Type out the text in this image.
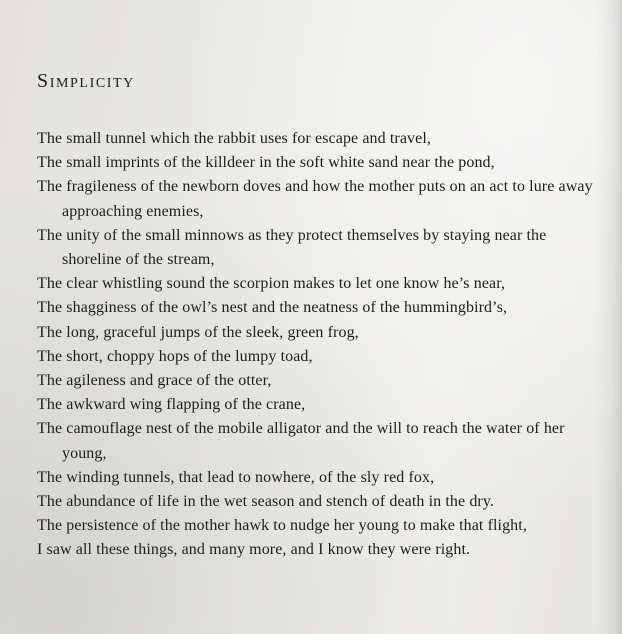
Simplicity
The small tunnel which the rabbit uses for escape and travel,
The small imprints of the killdeer in the soft white sand near the pond,
The fragileness of the newborn doves and how the mother puts on an act to lure away approaching enemies,
The unity of the small minnows as they protect themselves by staying near the shoreline of the stream,
The clear whistling sound the scorpion makes to let one know he’s near,
The shagginess of the owl’s nest and the neatness of the hummingbird’s,
The long, graceful jumps of the sleek, green frog,
The short, choppy hops of the lumpy toad,
The agileness and grace of the otter,
The awkward wing flapping of the crane,
The camouflage nest of the mobile alligator and the will to reach the water of her young,
The winding tunnels, that lead to nowhere, of the sly red fox,
The abundance of life in the wet season and stench of death in the dry.
The persistence of the mother hawk to nudge her young to make that flight,
I saw all these things, and many more, and I know they were right.
